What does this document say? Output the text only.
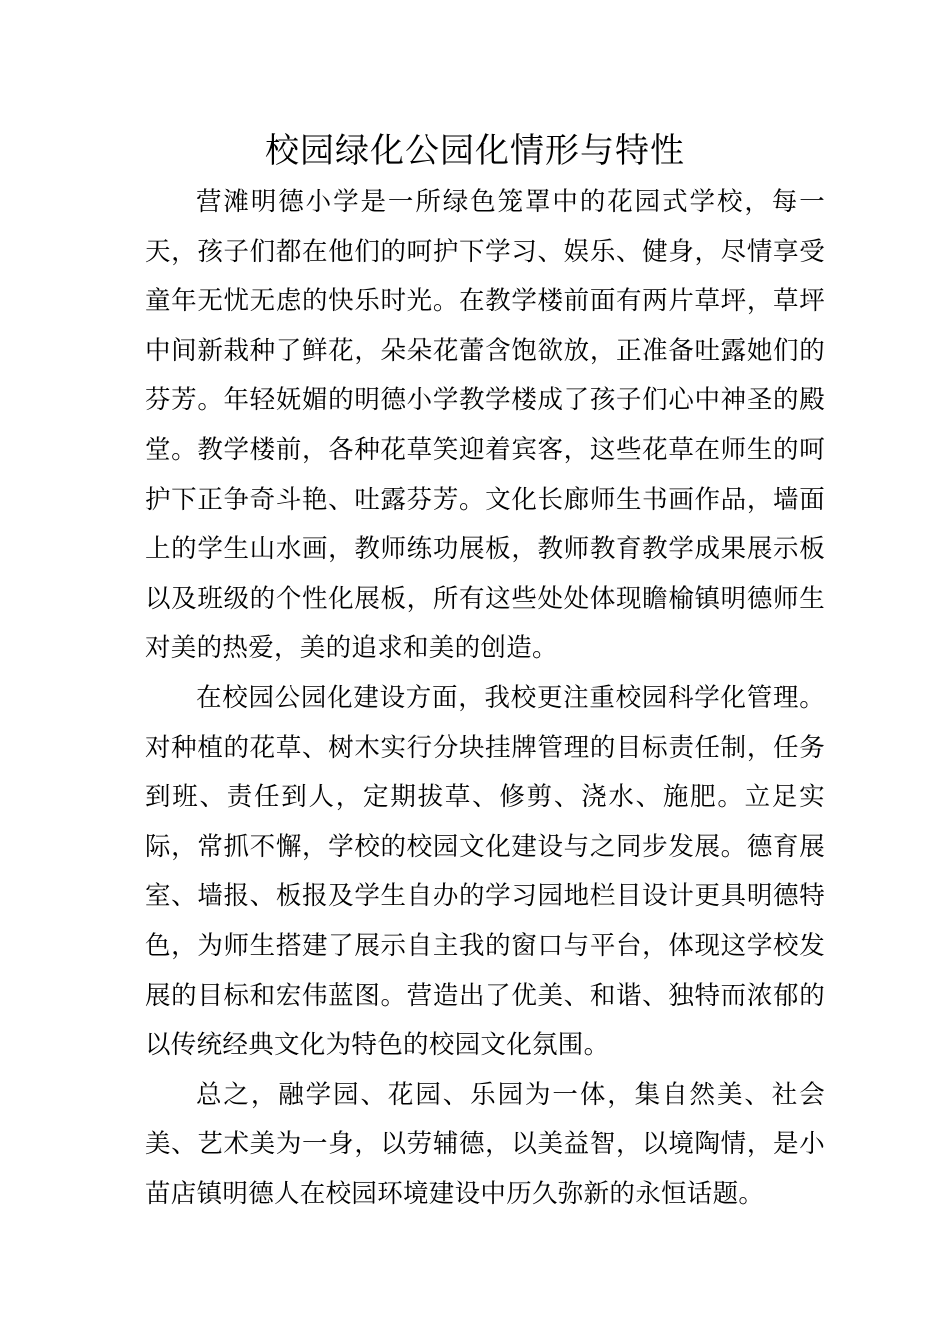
校园绿化公园化情形与特性

营滩明德小学是一所绿色笼罩中的花园式学校，每一天，孩子们都在他们的呵护下学习、娱乐、健身，尽情享受童年无忧无虑的快乐时光。在教学楼前面有两片草坪，草坪中间新栽种了鲜花，朵朵花蕾含饱欲放，正准备吐露她们的芬芳。年轻妩媚的明德小学教学楼成了孩子们心中神圣的殿堂。教学楼前，各种花草笑迎着宾客，这些花草在师生的呵护下正争奇斗艳、吐露芬芳。文化长廊师生书画作品，墙面上的学生山水画，教师练功展板，教师教育教学成果展示板以及班级的个性化展板，所有这些处处体现瞻榆镇明德师生对美的热爱，美的追求和美的创造。

在校园公园化建设方面，我校更注重校园科学化管理。对种植的花草、树木实行分块挂牌管理的目标责任制，任务到班、责任到人，定期拔草、修剪、浇水、施肥。立足实际，常抓不懈，学校的校园文化建设与之同步发展。德育展室、墙报、板报及学生自办的学习园地栏目设计更具明德特色，为师生搭建了展示自主我的窗口与平台，体现这学校发展的目标和宏伟蓝图。营造出了优美、和谐、独特而浓郁的以传统经典文化为特色的校园文化氛围。

总之，融学园、花园、乐园为一体，集自然美、社会美、艺术美为一身，以劳辅德，以美益智，以境陶情，是小苗店镇明德人在校园环境建设中历久弥新的永恒话题。
